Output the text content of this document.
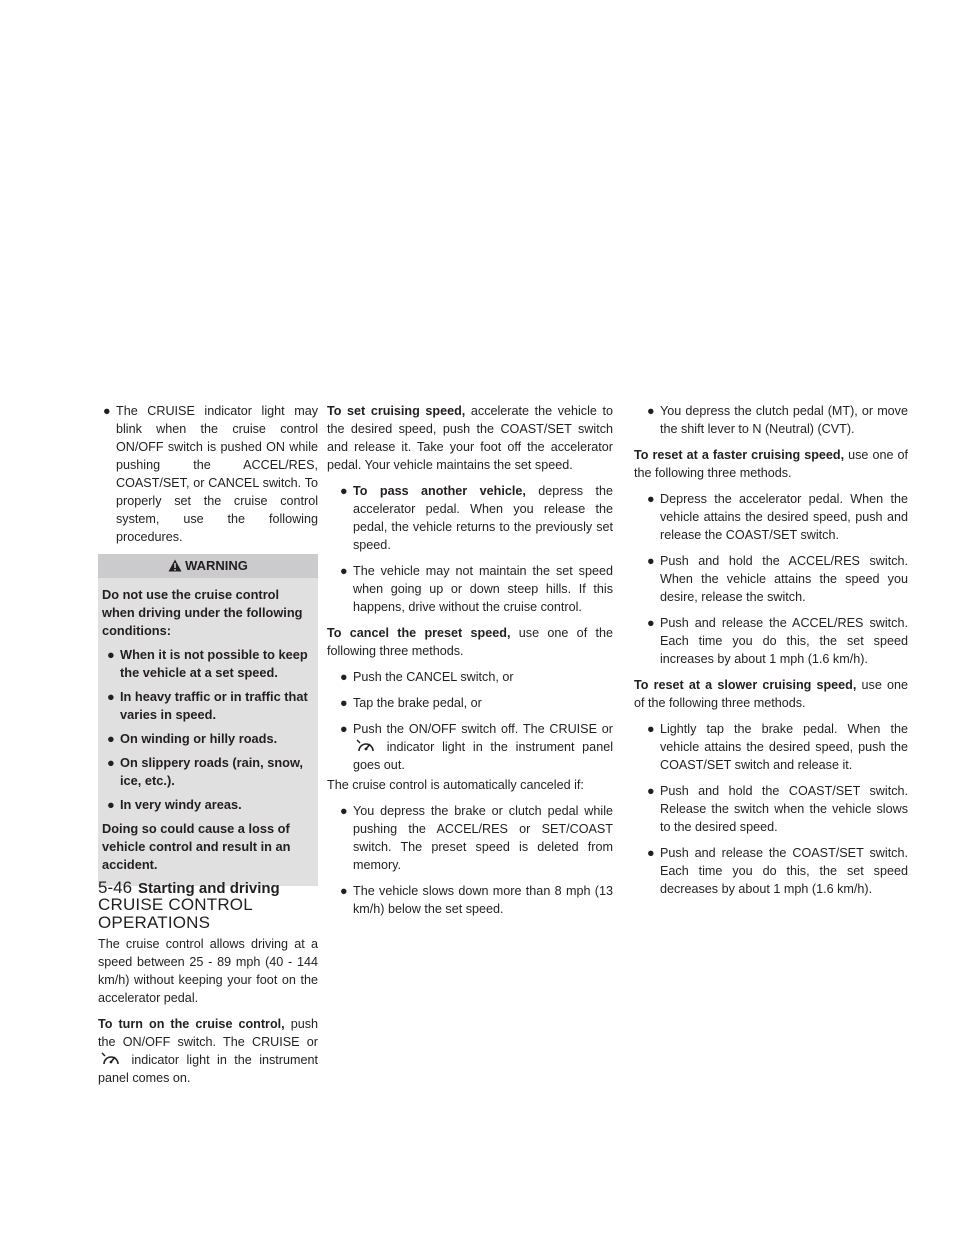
● The CRUISE indicator light may blink when the cruise control ON/OFF switch is pushed ON while pushing the ACCEL/RES, COAST/SET, or CANCEL switch. To properly set the cruise control system, use the following procedures.
WARNING

Do not use the cruise control when driving under the following conditions:

● When it is not possible to keep the vehicle at a set speed.
● In heavy traffic or in traffic that varies in speed.
● On winding or hilly roads.
● On slippery roads (rain, snow, ice, etc.).
● In very windy areas.

Doing so could cause a loss of vehicle control and result in an accident.

CRUISE CONTROL OPERATIONS

The cruise control allows driving at a speed between 25 - 89 mph (40 - 144 km/h) without keeping your foot on the accelerator pedal.

To turn on the cruise control, push the ON/OFF switch. The CRUISE or  indicator light in the instrument panel comes on.

To set cruising speed, accelerate the vehicle to the desired speed, push the COAST/SET switch and release it. Take your foot off the accelerator pedal. Your vehicle maintains the set speed.

● To pass another vehicle, depress the accelerator pedal. When you release the pedal, the vehicle returns to the previously set speed.
● The vehicle may not maintain the set speed when going up or down steep hills. If this happens, drive without the cruise control.

To cancel the preset speed, use one of the following three methods.

● Push the CANCEL switch, or
● Tap the brake pedal, or
● Push the ON/OFF switch off. The CRUISE or  indicator light in the instrument panel goes out.

The cruise control is automatically canceled if:

● You depress the brake or clutch pedal while pushing the ACCEL/RES or SET/COAST switch. The preset speed is deleted from memory.
● The vehicle slows down more than 8 mph (13 km/h) below the set speed.
● You depress the clutch pedal (MT), or move the shift lever to N (Neutral) (CVT).

To reset at a faster cruising speed, use one of the following three methods.

● Depress the accelerator pedal. When the vehicle attains the desired speed, push and release the COAST/SET switch.
● Push and hold the ACCEL/RES switch. When the vehicle attains the speed you desire, release the switch.
● Push and release the ACCEL/RES switch. Each time you do this, the set speed increases by about 1 mph (1.6 km/h).

To reset at a slower cruising speed, use one of the following three methods.

● Lightly tap the brake pedal. When the vehicle attains the desired speed, push the COAST/SET switch and release it.
● Push and hold the COAST/SET switch. Release the switch when the vehicle slows to the desired speed.
● Push and release the COAST/SET switch. Each time you do this, the set speed decreases by about 1 mph (1.6 km/h).
5-46 Starting and driving
